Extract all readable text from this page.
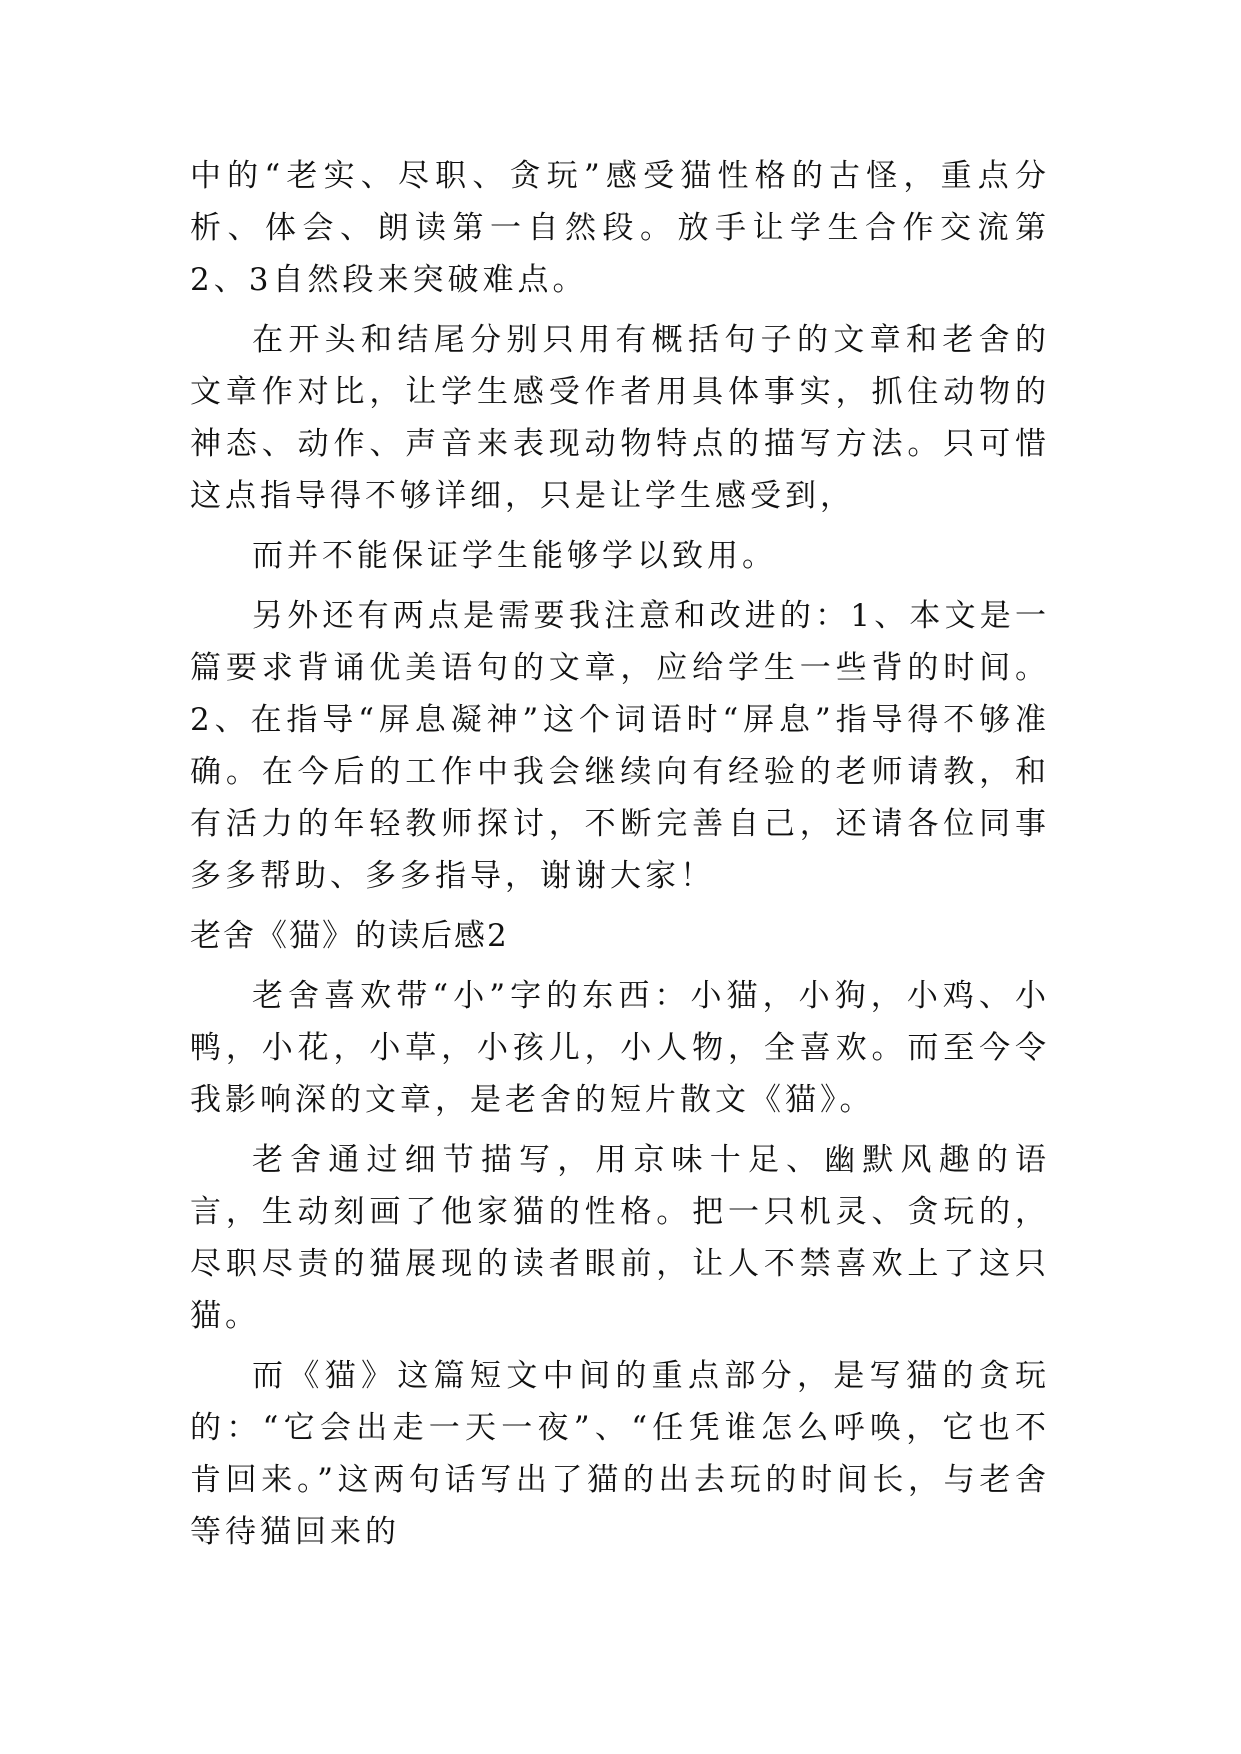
中的“老实、尽职、贪玩”感受猫性格的古怪，重点分析、体会、朗读第一自然段。放手让学生合作交流第2、3自然段来突破难点。

在开头和结尾分别只用有概括句子的文章和老舍的文章作对比，让学生感受作者用具体事实，抓住动物的神态、动作、声音来表现动物特点的描写方法。只可惜这点指导得不够详细，只是让学生感受到，

而并不能保证学生能够学以致用。

另外还有两点是需要我注意和改进的：1、本文是一篇要求背诵优美语句的文章，应给学生一些背的时间。2、在指导“屏息凝神”这个词语时“屏息”指导得不够准确。在今后的工作中我会继续向有经验的老师请教，和有活力的年轻教师探讨，不断完善自己，还请各位同事多多帮助、多多指导，谢谢大家！

老舍《猫》的读后感2

老舍喜欢带“小”字的东西：小猫，小狗，小鸡、小鸭，小花，小草，小孩儿，小人物，全喜欢。而至今令我影响深的文章，是老舍的短片散文《猫》。

老舍通过细节描写，用京味十足、幽默风趣的语言，生动刻画了他家猫的性格。把一只机灵、贪玩的，尽职尽责的猫展现的读者眼前，让人不禁喜欢上了这只猫。

而《猫》这篇短文中间的重点部分，是写猫的贪玩的：“它会出走一天一夜”、“任凭谁怎么呼唤，它也不肯回来。”这两句话写出了猫的出去玩的时间长，与老舍等待猫回来的
